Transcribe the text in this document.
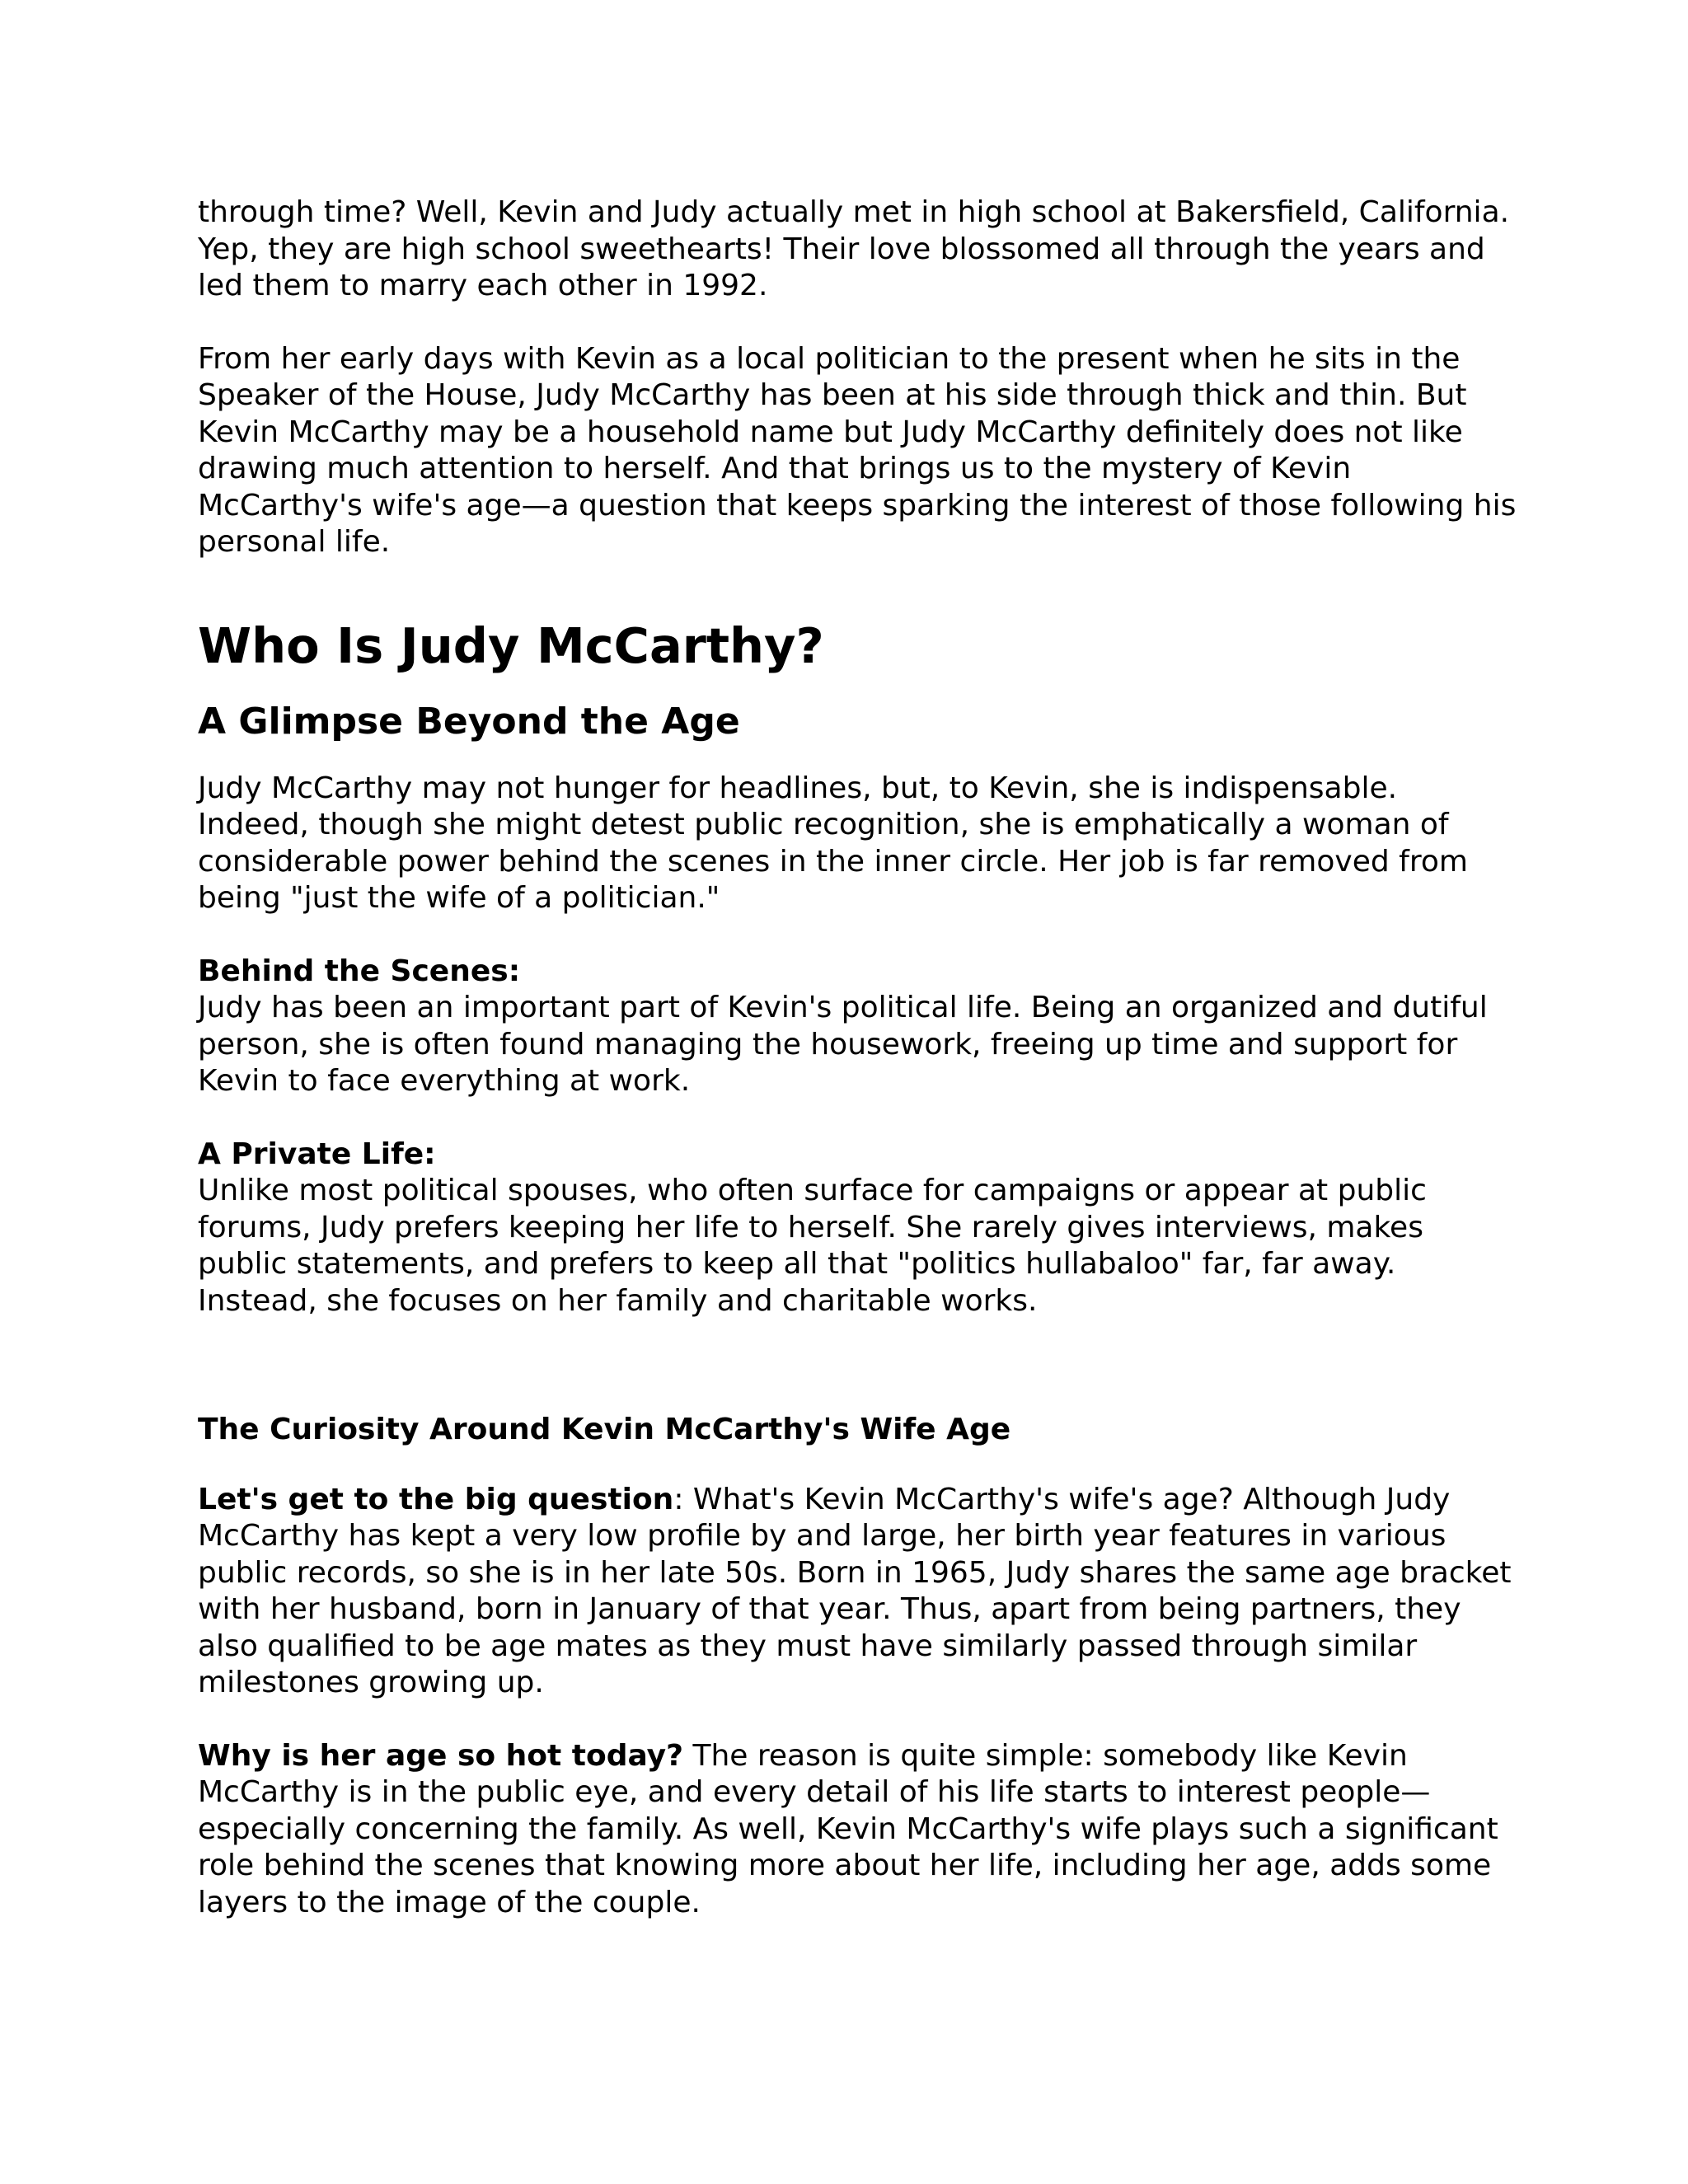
through time? Well, Kevin and Judy actually met in high school at Bakersfield, California. Yep, they are high school sweethearts! Their love blossomed all through the years and led them to marry each other in 1992.

From her early days with Kevin as a local politician to the present when he sits in the Speaker of the House, Judy McCarthy has been at his side through thick and thin. But Kevin McCarthy may be a household name but Judy McCarthy definitely does not like drawing much attention to herself. And that brings us to the mystery of Kevin McCarthy's wife's age—a question that keeps sparking the interest of those following his personal life.

Who Is Judy McCarthy?
A Glimpse Beyond the Age

Judy McCarthy may not hunger for headlines, but, to Kevin, she is indispensable. Indeed, though she might detest public recognition, she is emphatically a woman of considerable power behind the scenes in the inner circle. Her job is far removed from being "just the wife of a politician."

Behind the Scenes:

Judy has been an important part of Kevin's political life. Being an organized and dutiful person, she is often found managing the housework, freeing up time and support for Kevin to face everything at work.

A Private Life:

Unlike most political spouses, who often surface for campaigns or appear at public forums, Judy prefers keeping her life to herself. She rarely gives interviews, makes public statements, and prefers to keep all that "politics hullabaloo" far, far away. Instead, she focuses on her family and charitable works.

The Curiosity Around Kevin McCarthy's Wife Age

Let's get to the big question: What's Kevin McCarthy's wife's age? Although Judy McCarthy has kept a very low profile by and large, her birth year features in various public records, so she is in her late 50s. Born in 1965, Judy shares the same age bracket with her husband, born in January of that year. Thus, apart from being partners, they also qualified to be age mates as they must have similarly passed through similar milestones growing up.

Why is her age so hot today? The reason is quite simple: somebody like Kevin McCarthy is in the public eye, and every detail of his life starts to interest people—especially concerning the family. As well, Kevin McCarthy's wife plays such a significant role behind the scenes that knowing more about her life, including her age, adds some layers to the image of the couple.
